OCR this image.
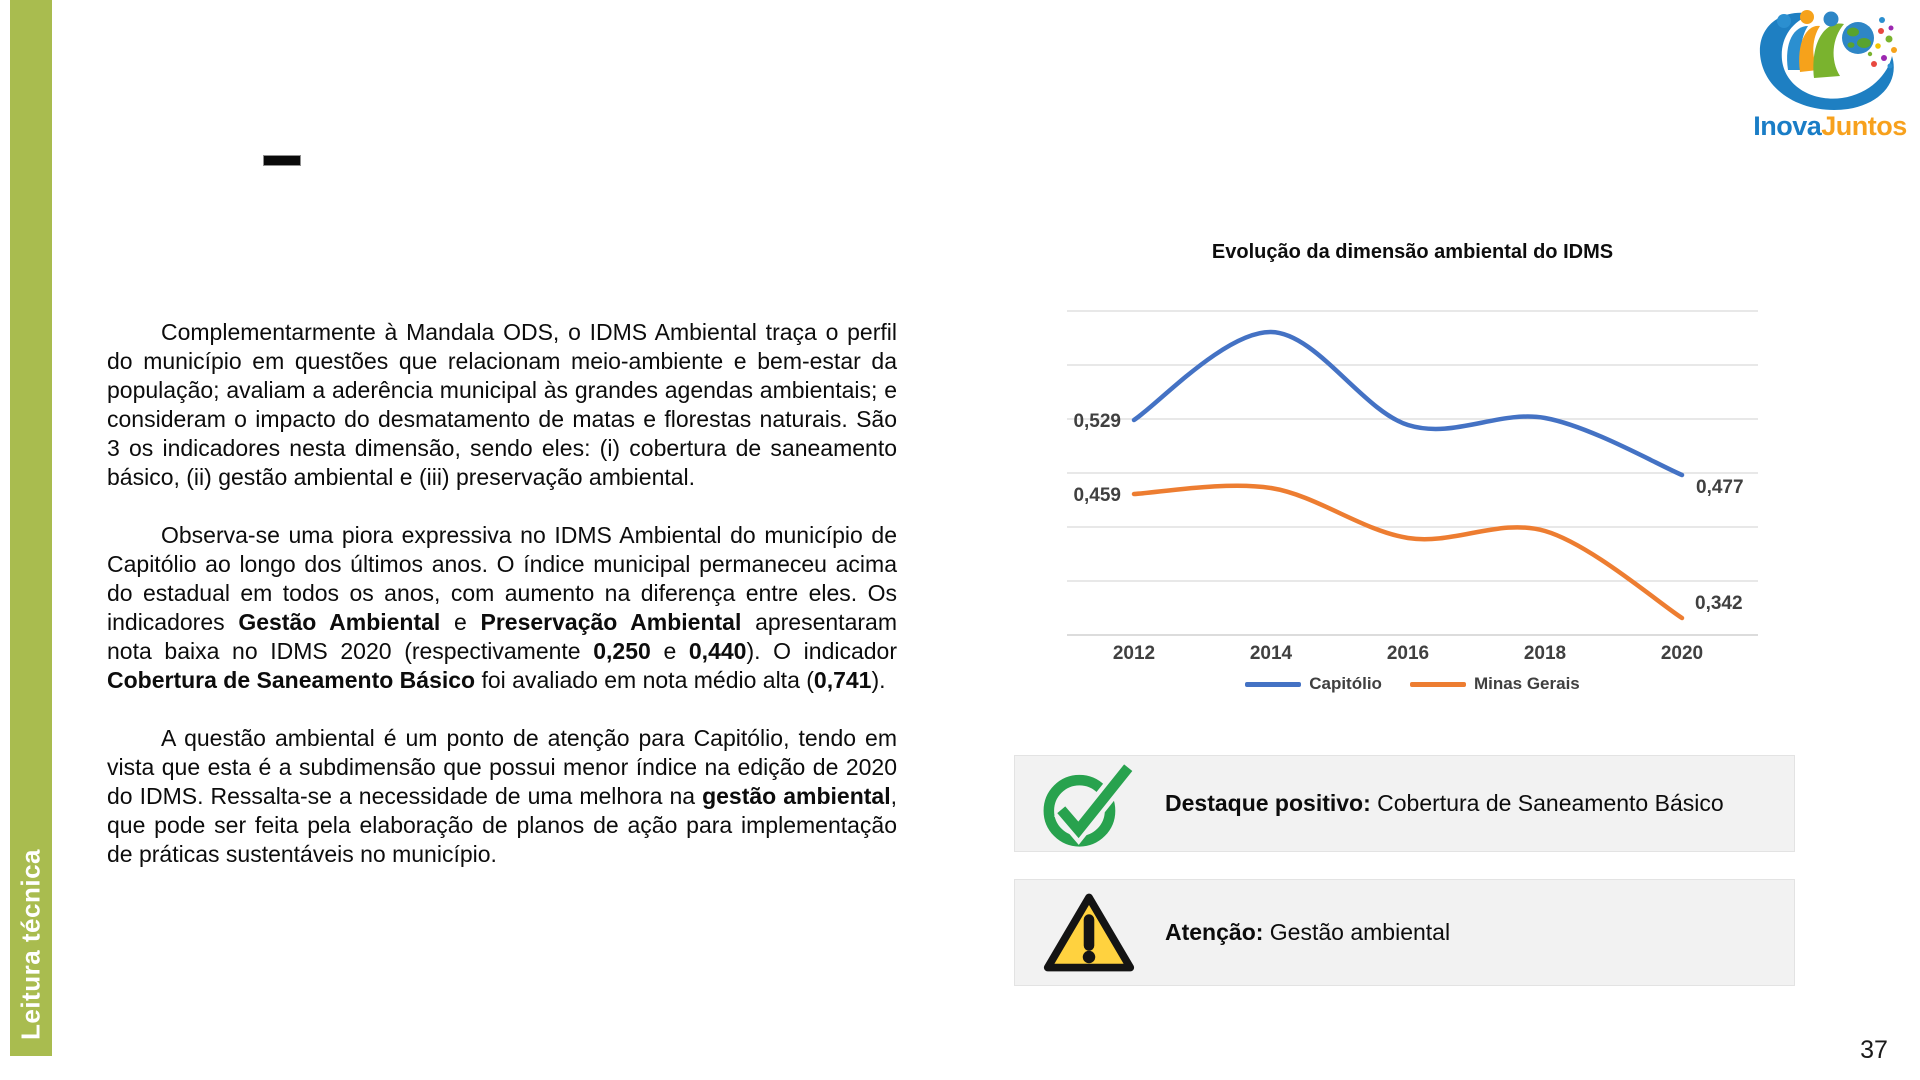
Leitura técnica

Complementarmente à Mandala ODS, o IDMS Ambiental traça o perfil do município em questões que relacionam meio-ambiente e bem-estar da população; avaliam a aderência municipal às grandes agendas ambientais; e consideram o impacto do desmatamento de matas e florestas naturais. São 3 os indicadores nesta dimensão, sendo eles: (i) cobertura de saneamento básico, (ii) gestão ambiental e (iii) preservação ambiental.

Observa-se uma piora expressiva no IDMS Ambiental do município de Capitólio ao longo dos últimos anos. O índice municipal permaneceu acima do estadual em todos os anos, com aumento na diferença entre eles. Os indicadores Gestão Ambiental e Preservação Ambiental apresentaram nota baixa no IDMS 2020 (respectivamente 0,250 e 0,440). O indicador Cobertura de Saneamento Básico foi avaliado em nota médio alta (0,741).

A questão ambiental é um ponto de atenção para Capitólio, tendo em vista que esta é a subdimensão que possui menor índice na edição de 2020 do IDMS. Ressalta-se a necessidade de uma melhora na gestão ambiental, que pode ser feita pela elaboração de planos de ação para implementação de práticas sustentáveis no município.

Evolução da dimensão ambiental do IDMS
0,529
0,477
0,459
0,342
2012	2014	2016	2018	2020
Capitólio	Minas Gerais
Destaque positivo: Cobertura de Saneamento Básico
Atenção: Gestão ambiental
InovaJuntos
37
